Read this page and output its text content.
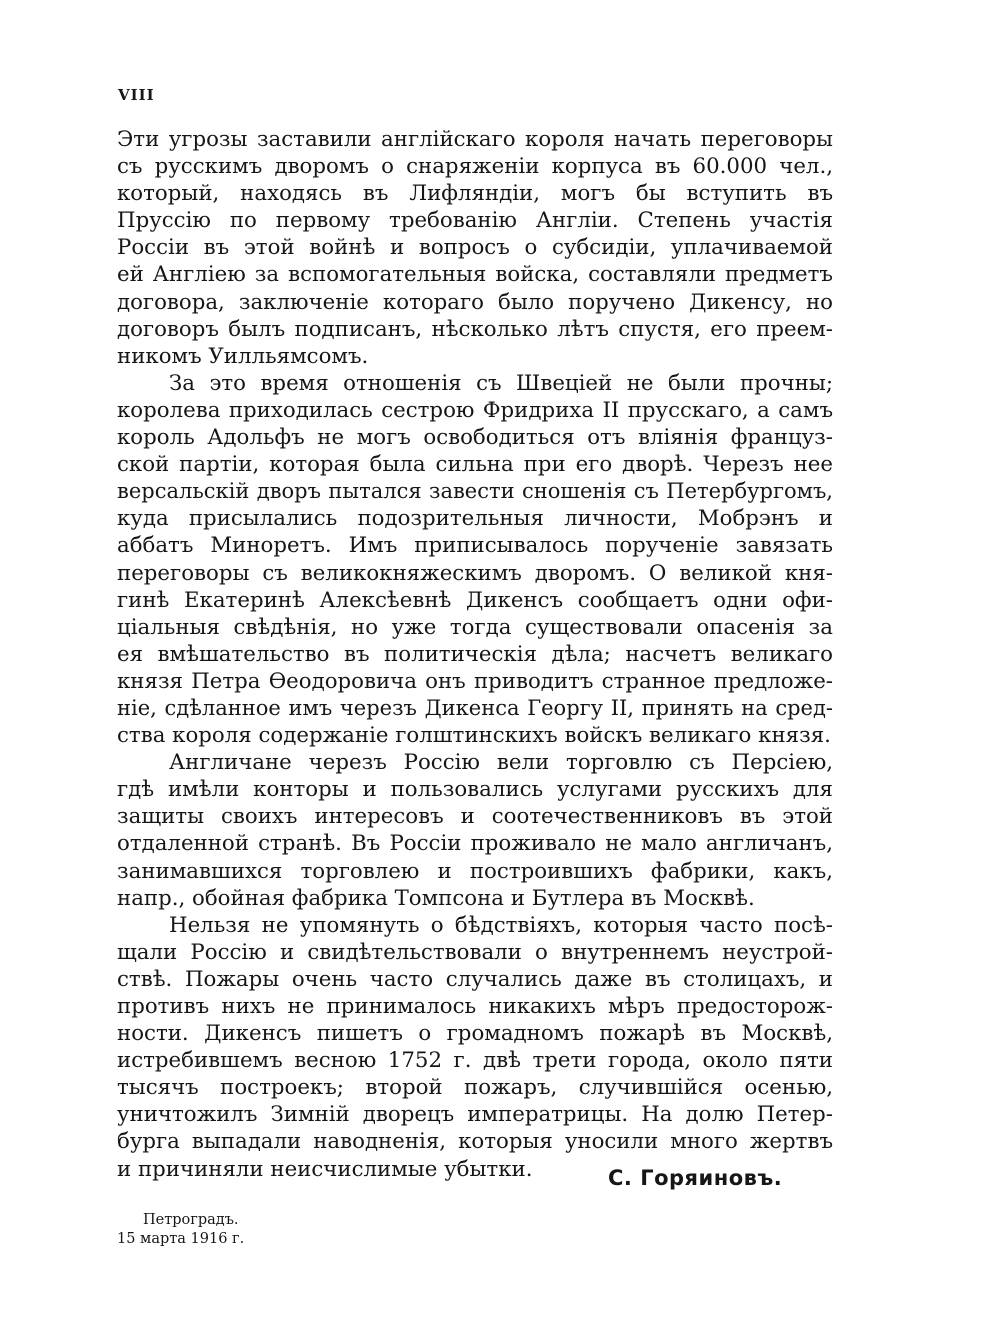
VIII
Эти угрозы заставили англійскаго короля начать переговоры
съ русскимъ дворомъ о снаряженіи корпуса въ 60.000 чел.,
который, находясь въ Лифляндіи, могъ бы вступить въ
Пруссію по первому требованію Англіи. Степень участія
Россіи въ этой войнѣ и вопросъ о субсидіи, уплачиваемой
ей Англіею за вспомогательныя войска, составляли предметъ
договора, заключеніе котораго было поручено Дикенсу, но
договоръ былъ подписанъ, нѣсколько лѣтъ спустя, его преем-
никомъ Уилльямсомъ.
За это время отношенія съ Швеціей не были прочны;
королева приходилась сестрою Фридриха II прусскаго, а самъ
король Адольфъ не могъ освободиться отъ вліянія француз-
ской партіи, которая была сильна при его дворѣ. Черезъ нее
версальскій дворъ пытался завести сношенія съ Петербургомъ,
куда присылались подозрительныя личности, Мобрэнъ и
аббатъ Миноретъ. Имъ приписывалось порученіе завязать
переговоры съ великокняжескимъ дворомъ. О великой кня-
гинѣ Екатеринѣ Алексѣевнѣ Дикенсъ сообщаетъ одни офи-
ціальныя свѣдѣнія, но уже тогда существовали опасенія за
ея вмѣшательство въ политическія дѣла; насчетъ великаго
князя Петра Өеодоровича онъ приводитъ странное предложе-
ніе, сдѣланное имъ черезъ Дикенса Георгу II, принять на сред-
ства короля содержаніе голштинскихъ войскъ великаго князя.
Англичане черезъ Россію вели торговлю съ Персіею,
гдѣ имѣли конторы и пользовались услугами русскихъ для
защиты своихъ интересовъ и соотечественниковъ въ этой
отдаленной странѣ. Въ Россіи проживало не мало англичанъ,
занимавшихся торговлею и построившихъ фабрики, какъ,
напр., обойная фабрика Томпсона и Бутлера въ Москвѣ.
Нельзя не упомянуть о бѣдствіяхъ, которыя часто посѣ-
щали Россію и свидѣтельствовали о внутреннемъ неустрой-
ствѣ. Пожары очень часто случались даже въ столицахъ, и
противъ нихъ не принималось никакихъ мѣръ предосторож-
ности. Дикенсъ пишетъ о громадномъ пожарѣ въ Москвѣ,
истребившемъ весною 1752 г. двѣ трети города, около пяти
тысячъ построекъ; второй пожаръ, случившійся осенью,
уничтожилъ Зимній дворецъ императрицы. На долю Петер-
бурга выпадали наводненія, которыя уносили много жертвъ
и причиняли неисчислимые убытки.	С. Горяиновъ.
Петроградъ.
15 марта 1916 г.
